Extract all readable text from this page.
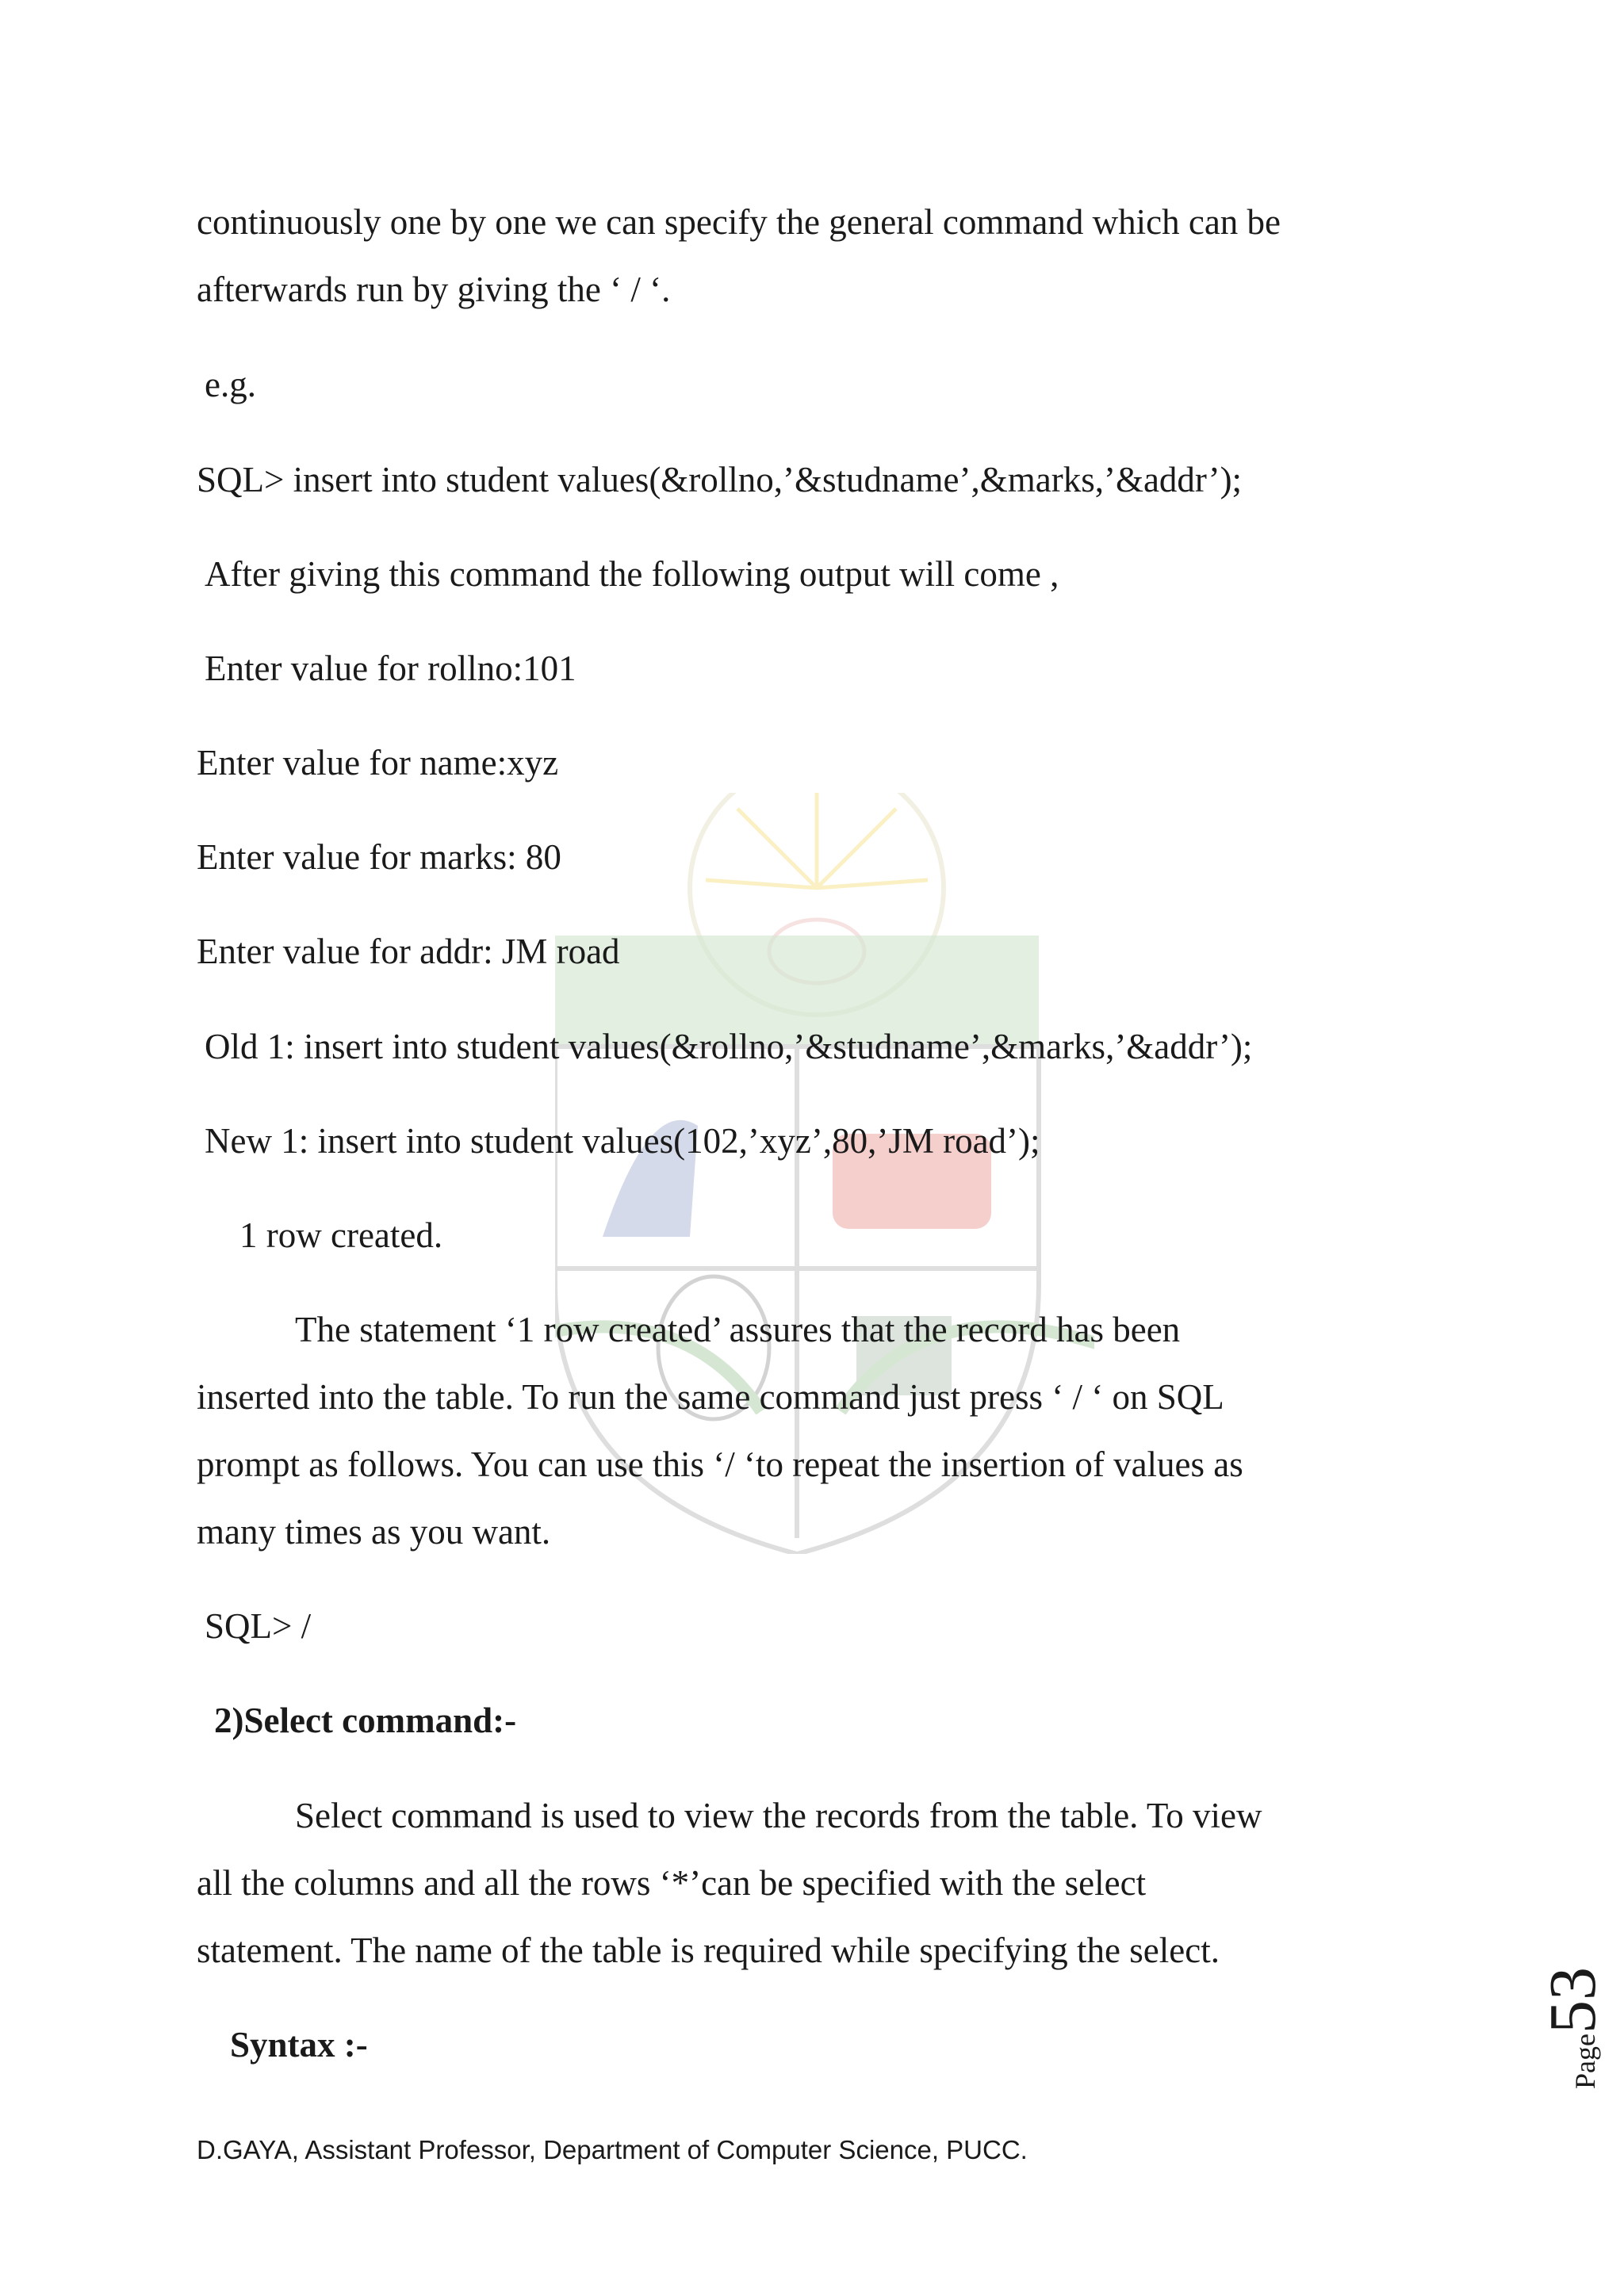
continuously one by one we can specify the general command which can be

afterwards run by giving the ‘ / ‘.

e.g.

SQL> insert into student values(&rollno,’&studname’,&marks,’&addr’);

After giving this command the following output will come ,

Enter value for rollno:101

Enter value for name:xyz

Enter value for marks: 80

Enter value for addr: JM road

Old 1: insert into student values(&rollno,’&studname’,&marks,’&addr’);

New 1: insert into student values(102,’xyz’,80,’JM road’);

1 row created.

The statement ‘1 row created’ assures that the record has been

inserted into the table. To run the same command just press ‘ / ‘ on SQL

prompt as follows. You can use this ‘/ ‘to repeat the insertion of values as

many times as you want.

SQL> /

2)Select command:-

Select command is used to view the records from the table. To view

all the columns and all the rows ‘*’can be specified with the select

statement. The name of the table is required while specifying the select.

Syntax :-	Page53
D.GAYA, Assistant Professor, Department of Computer Science, PUCC.
